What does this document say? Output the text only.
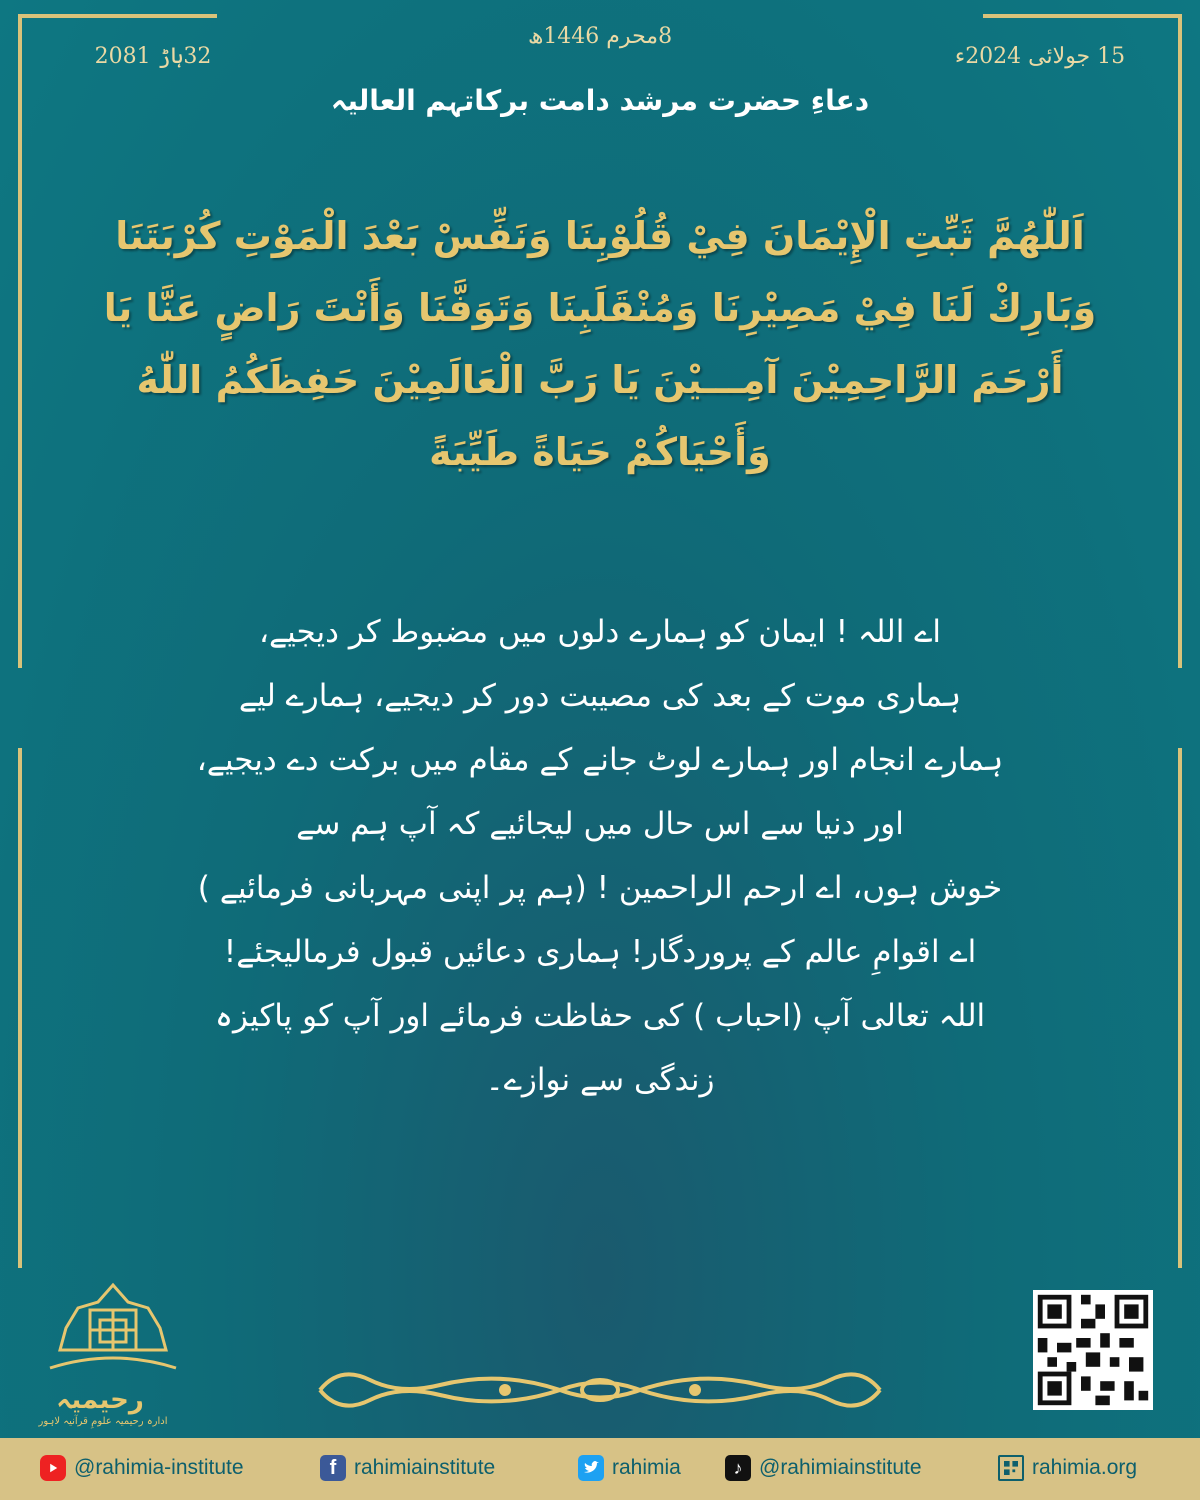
8محرم 1446ھ
32ہاڑ 2081	15 جولائی 2024ء
دعاءِ حضرت مرشد دامت برکاتہم العالیہ
اَللّٰهُمَّ ثَبِّتِ الْإِيْمَانَ فِيْ قُلُوْبِنَا وَنَفِّسْ بَعْدَ الْمَوْتِ كُرْبَتَنَا وَبَارِكْ لَنَا فِيْ مَصِيْرِنَا وَمُنْقَلَبِنَا وَتَوَفَّنَا وَأَنْتَ رَاضٍ عَنَّا يَا أَرْحَمَ الرَّاحِمِيْنَ آمِـــيْنَ يَا رَبَّ الْعَالَمِيْنَ حَفِظَكُمُ اللّٰهُ وَأَحْيَاكُمْ حَيَاةً طَيِّبَةً
اے اللہ ! ایمان کو ہمارے دلوں میں مضبوط کر دیجیے،
ہماری موت کے بعد کی مصیبت دور کر دیجیے، ہمارے لیے
ہمارے انجام اور ہمارے لوٹ جانے کے مقام میں برکت دے دیجیے،
اور دنیا سے اس حال میں لیجائیے کہ آپ ہم سے
خوش ہوں، اے ارحم الراحمین ! (ہم پر اپنی مہربانی فرمائیے )
اے اقوامِ عالم کے پروردگار! ہماری دعائیں قبول فرمالیجئے!
اللہ تعالی آپ (احباب ) کی حفاظت فرمائے اور آپ کو پاکیزہ
زندگی سے نوازے۔
رحیمیہ
ادارہ رحیمیہ علومِ قرآنیہ لاہور
@rahimia-institute	f rahimiainstitute	rahimia	♪ @rahimiainstitute	rahimia.org
